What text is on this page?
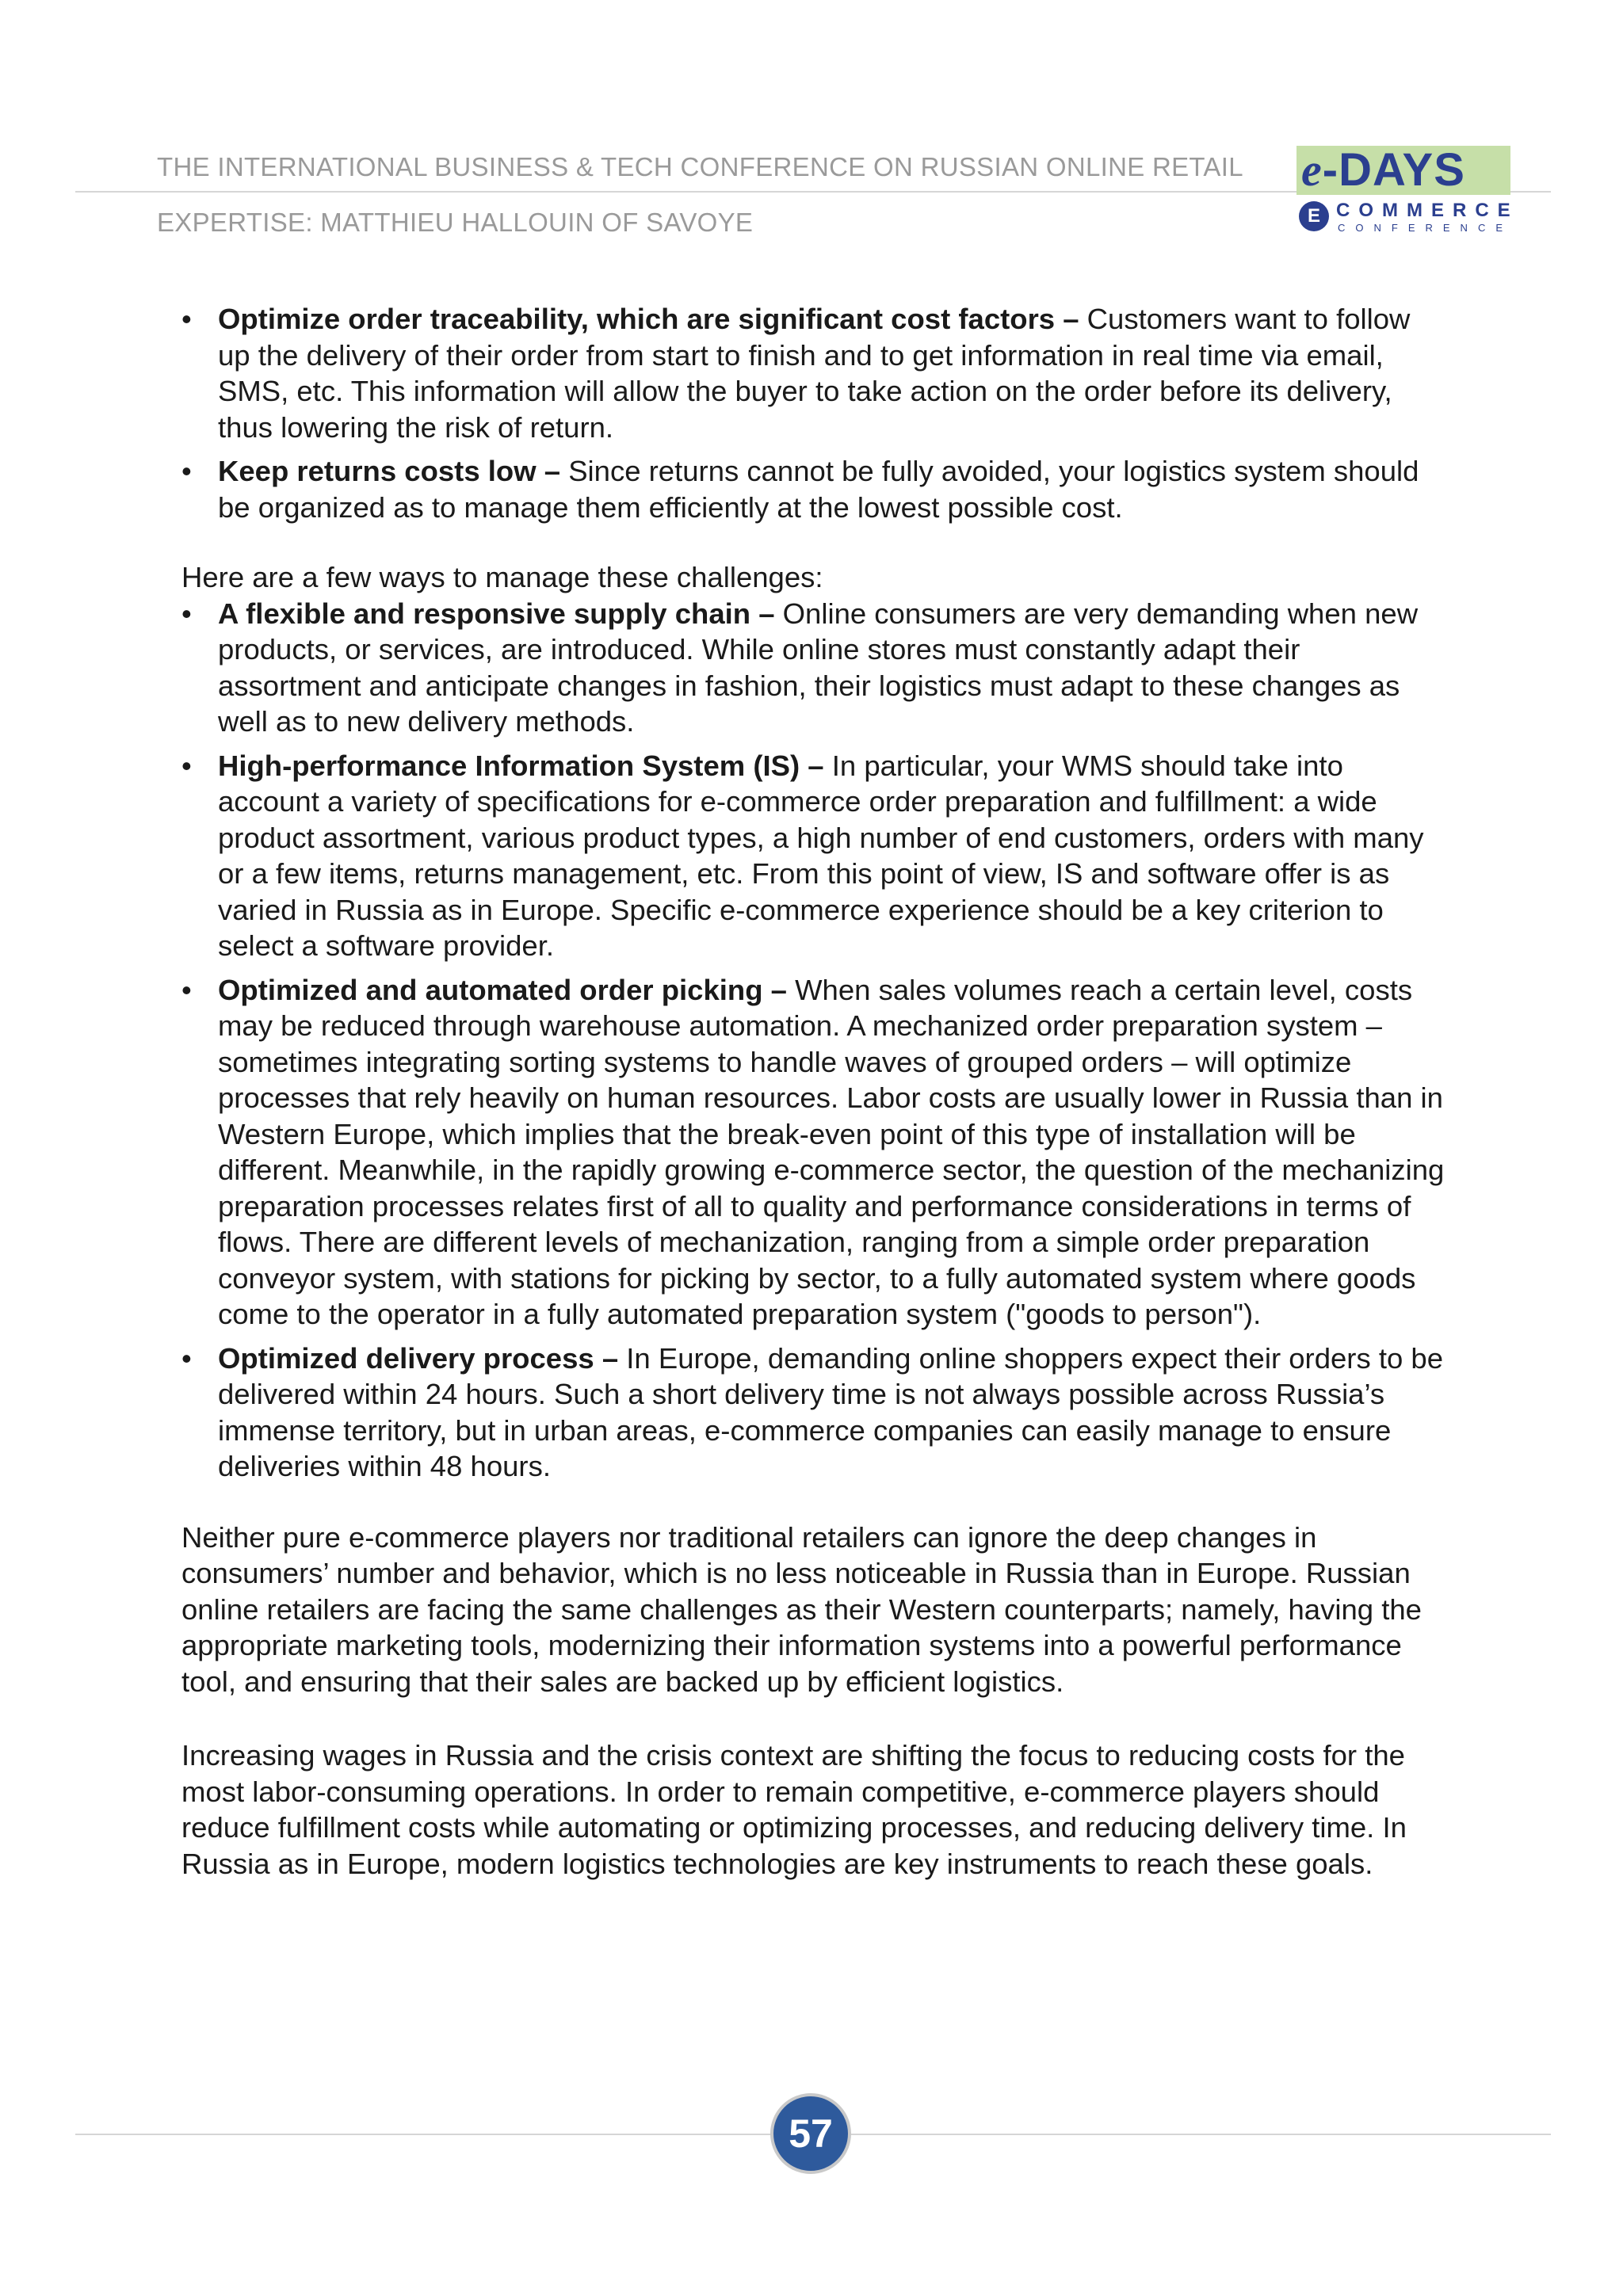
THE INTERNATIONAL BUSINESS & TECH CONFERENCE ON RUSSIAN ONLINE RETAIL
EXPERTISE: MATTHIEU HALLOUIN OF SAVOYE
e-DAYS
E COMMERCE
CONFERENCE
• Optimize order traceability, which are significant cost factors – Customers want to follow up the delivery of their order from start to finish and to get information in real time via email, SMS, etc. This information will allow the buyer to take action on the order before its delivery, thus lowering the risk of return.
• Keep returns costs low – Since returns cannot be fully avoided, your logistics system should be organized as to manage them efficiently at the lowest possible cost.

Here are a few ways to manage these challenges:

• A flexible and responsive supply chain – Online consumers are very demanding when new products, or services, are introduced. While online stores must constantly adapt their assortment and anticipate changes in fashion, their logistics must adapt to these changes as well as to new delivery methods.
• High-performance Information System (IS) – In particular, your WMS should take into account a variety of specifications for e-commerce order preparation and fulfillment: a wide product assortment, various product types, a high number of end customers, orders with many or a few items, returns management, etc. From this point of view, IS and software offer is as varied in Russia as in Europe. Specific e-commerce experience should be a key criterion to select a software provider.
• Optimized and automated order picking – When sales volumes reach a certain level, costs may be reduced through warehouse automation. A mechanized order preparation system – sometimes integrating sorting systems to handle waves of grouped orders – will optimize processes that rely heavily on human resources. Labor costs are usually lower in Russia than in Western Europe, which implies that the break-even point of this type of installation will be different. Meanwhile, in the rapidly growing e-commerce sector, the question of the mechanizing preparation processes relates first of all to quality and performance considerations in terms of flows. There are different levels of mechanization, ranging from a simple order preparation conveyor system, with stations for picking by sector, to a fully automated system where goods come to the operator in a fully automated preparation system ("goods to person").
• Optimized delivery process – In Europe, demanding online shoppers expect their orders to be delivered within 24 hours. Such a short delivery time is not always possible across Russia’s immense territory, but in urban areas, e-commerce companies can easily manage to ensure deliveries within 48 hours.

Neither pure e-commerce players nor traditional retailers can ignore the deep changes in consumers’ number and behavior, which is no less noticeable in Russia than in Europe. Russian online retailers are facing the same challenges as their Western counterparts; namely, having the appropriate marketing tools, modernizing their information systems into a powerful performance tool, and ensuring that their sales are backed up by efficient logistics.

Increasing wages in Russia and the crisis context are shifting the focus to reducing costs for the most labor-consuming operations. In order to remain competitive, e-commerce players should reduce fulfillment costs while automating or optimizing processes, and reducing delivery time. In Russia as in Europe, modern logistics technologies are key instruments to reach these goals.

57
